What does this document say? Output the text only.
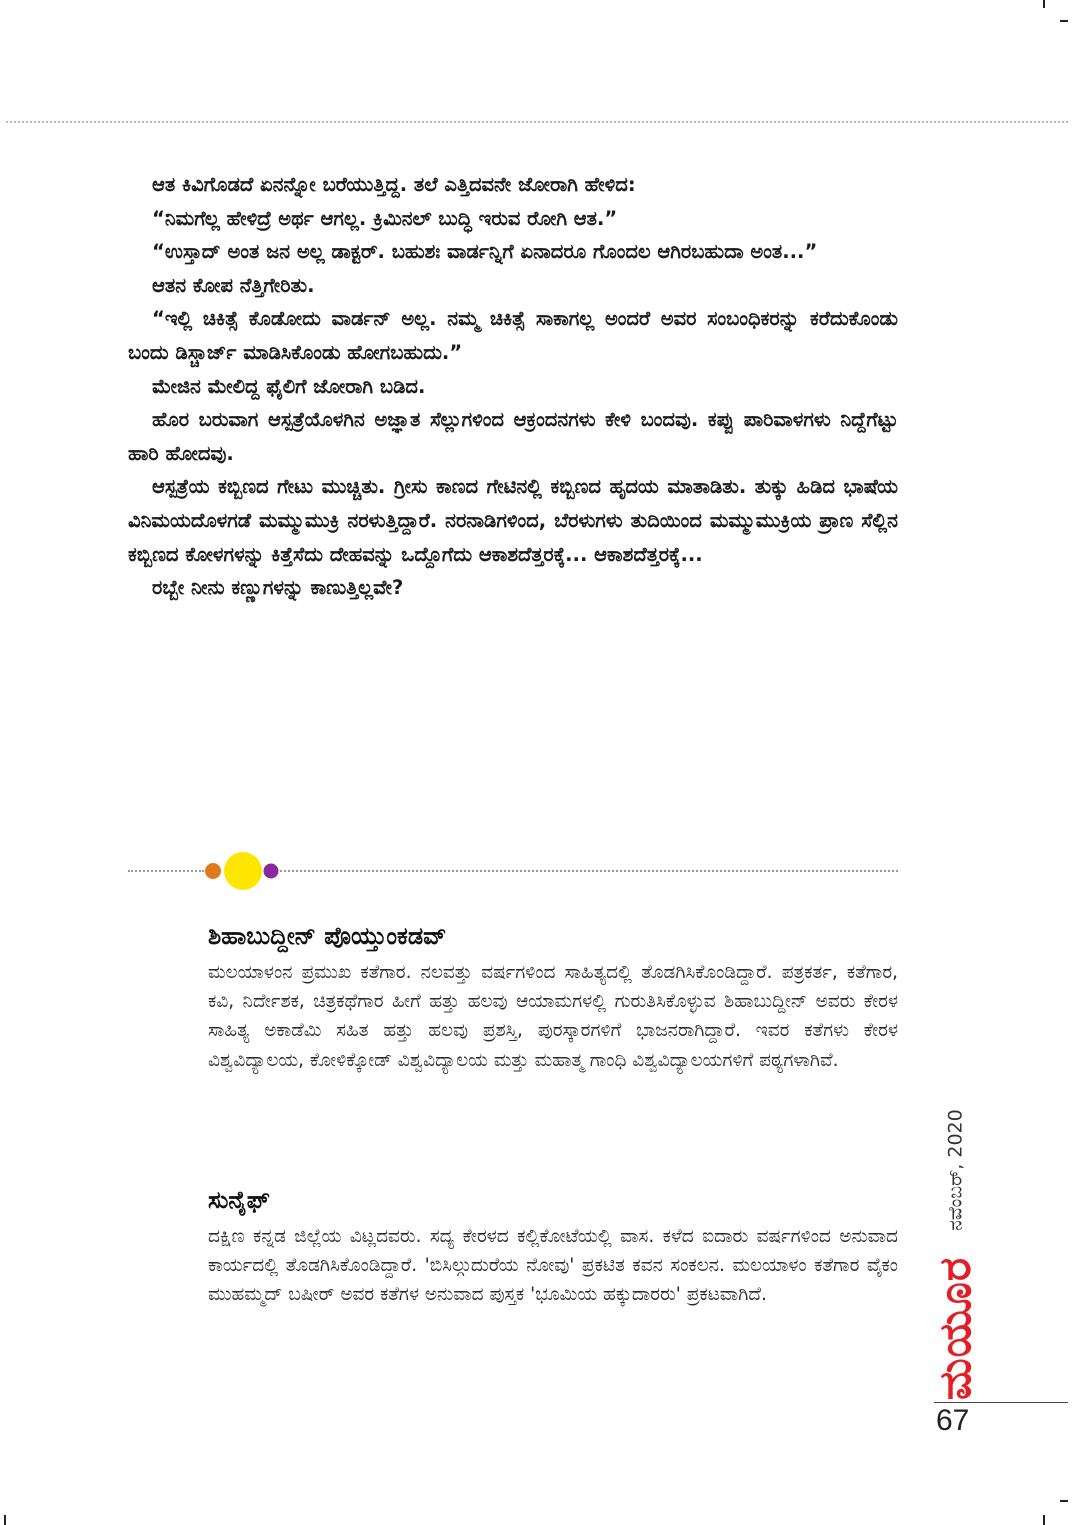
ಆತ ಕಿವಿಗೊಡದೆ ಏನನ್ನೋ ಬರೆಯುತ್ತಿದ್ದ. ತಲೆ ಎತ್ತಿದವನೇ ಜೋರಾಗಿ ಹೇಳಿದ:

“ನಿಮಗೆಲ್ಲ ಹೇಳಿದ್ರೆ ಅರ್ಥ ಆಗಲ್ಲ. ಕ್ರಿಮಿನಲ್ ಬುದ್ಧಿ ಇರುವ ರೋಗಿ ಆತ.”

“ಉಸ್ತಾದ್ ಅಂತ ಜನ ಅಲ್ಲ ಡಾಕ್ಟರ್. ಬಹುಶಃ ವಾರ್ಡನ್ನಿಗೆ ಏನಾದರೂ ಗೊಂದಲ ಆಗಿರಬಹುದಾ ಅಂತ...”

ಆತನ ಕೋಪ ನೆತ್ತಿಗೇರಿತು.

“ಇಲ್ಲಿ ಚಿಕಿತ್ಸೆ ಕೊಡೋದು ವಾರ್ಡನ್ ಅಲ್ಲ. ನಮ್ಮ ಚಿಕಿತ್ಸೆ ಸಾಕಾಗಲ್ಲ ಅಂದರೆ ಅವರ ಸಂಬಂಧಿಕರನ್ನು ಕರೆದುಕೊಂಡು ಬಂದು ಡಿಸ್ಚಾರ್ಜ್ ಮಾಡಿಸಿಕೊಂಡು ಹೋಗಬಹುದು.”

ಮೇಜಿನ ಮೇಲಿದ್ದ ಫೈಲಿಗೆ ಜೋರಾಗಿ ಬಡಿದ.

ಹೊರ ಬರುವಾಗ ಆಸ್ಪತ್ರೆಯೊಳಗಿನ ಅಜ್ಞಾತ ಸೆಲ್ಲುಗಳಿಂದ ಆಕ್ರಂದನಗಳು ಕೇಳಿ ಬಂದವು. ಕಪ್ಪು ಪಾರಿವಾಳಗಳು ನಿದ್ದೆಗೆಟ್ಟು ಹಾರಿ ಹೋದವು.

ಆಸ್ಪತ್ರೆಯ ಕಬ್ಬಿಣದ ಗೇಟು ಮುಚ್ಚಿತು. ಗ್ರೀಸು ಕಾಣದ ಗೇಟಿನಲ್ಲಿ ಕಬ್ಬಿಣದ ಹೃದಯ ಮಾತಾಡಿತು. ತುಕ್ಕು ಹಿಡಿದ ಭಾಷೆಯ ವಿನಿಮಯದೊಳಗಡೆ ಮಮ್ಮುಮುಕ್ರಿ ನರಳುತ್ತಿದ್ದಾರೆ. ನರನಾಡಿಗಳಿಂದ, ಬೆರಳುಗಳು ತುದಿಯಿಂದ ಮಮ್ಮುಮುಕ್ರಿಯ ಪ್ರಾಣ ಸೆಲ್ಲಿನ ಕಬ್ಬಿಣದ ಕೋಳಗಳನ್ನು ಕಿತ್ತೆಸೆದು ದೇಹವನ್ನು ಒದ್ದೊಗೆದು ಆಕಾಶದೆತ್ತರಕ್ಕೆ... ಆಕಾಶದೆತ್ತರಕ್ಕೆ...

ರಬ್ಬೇ ನೀನು ಕಣ್ಣುಗಳನ್ನು ಕಾಣುತ್ತಿಲ್ಲವೇ?

ಶಿಹಾಬುದ್ದೀನ್ ಪೊಯ್ತುಂಕಡವ್

ಮಲಯಾಳಂನ ಪ್ರಮುಖ ಕತೆಗಾರ. ನಲವತ್ತು ವರ್ಷಗಳಿಂದ ಸಾಹಿತ್ಯದಲ್ಲಿ ತೊಡಗಿಸಿಕೊಂಡಿದ್ದಾರೆ. ಪತ್ರಕರ್ತ, ಕತೆಗಾರ, ಕವಿ, ನಿರ್ದೇಶಕ, ಚಿತ್ರಕಥೆಗಾರ ಹೀಗೆ ಹತ್ತು ಹಲವು ಆಯಾಮಗಳಲ್ಲಿ ಗುರುತಿಸಿಕೊಳ್ಳುವ ಶಿಹಾಬುದ್ದೀನ್ ಅವರು ಕೇರಳ ಸಾಹಿತ್ಯ ಅಕಾಡೆಮಿ ಸಹಿತ ಹತ್ತು ಹಲವು ಪ್ರಶಸ್ತಿ, ಪುರಸ್ಕಾರಗಳಿಗೆ ಭಾಜನರಾಗಿದ್ದಾರೆ. ಇವರ ಕತೆಗಳು ಕೇರಳ ವಿಶ್ವವಿದ್ಯಾಲಯ, ಕೋಳಿಕ್ಕೋಡ್ ವಿಶ್ವವಿದ್ಯಾಲಯ ಮತ್ತು ಮಹಾತ್ಮ ಗಾಂಧಿ ವಿಶ್ವವಿದ್ಯಾಲಯಗಳಿಗೆ ಪಠ್ಯಗಳಾಗಿವೆ.

ಸುನೈಫ್

ದಕ್ಷಿಣ ಕನ್ನಡ ಜಿಲ್ಲೆಯ ವಿಟ್ಲದವರು. ಸದ್ಯ ಕೇರಳದ ಕಲ್ಲಿಕೋಟೆಯಲ್ಲಿ ವಾಸ. ಕಳೆದ ಐದಾರು ವರ್ಷಗಳಿಂದ ಅನುವಾದ ಕಾರ್ಯದಲ್ಲಿ ತೊಡಗಿಸಿಕೊಂಡಿದ್ದಾರೆ. 'ಬಿಸಿಲ್ಗುದುರೆಯ ನೋವು' ಪ್ರಕಟಿತ ಕವನ ಸಂಕಲನ. ಮಲಯಾಳಂ ಕತೆಗಾರ ವೈಕಂ ಮುಹಮ್ಮದ್ ಬಷೀರ್ ಅವರ ಕತೆಗಳ ಅನುವಾದ ಪುಸ್ತಕ 'ಭೂಮಿಯ ಹಕ್ಕುದಾರರು' ಪ್ರಕಟವಾಗಿದೆ.

ನವೆಂಬರ್, 2020
ಮಯೂರ
67
